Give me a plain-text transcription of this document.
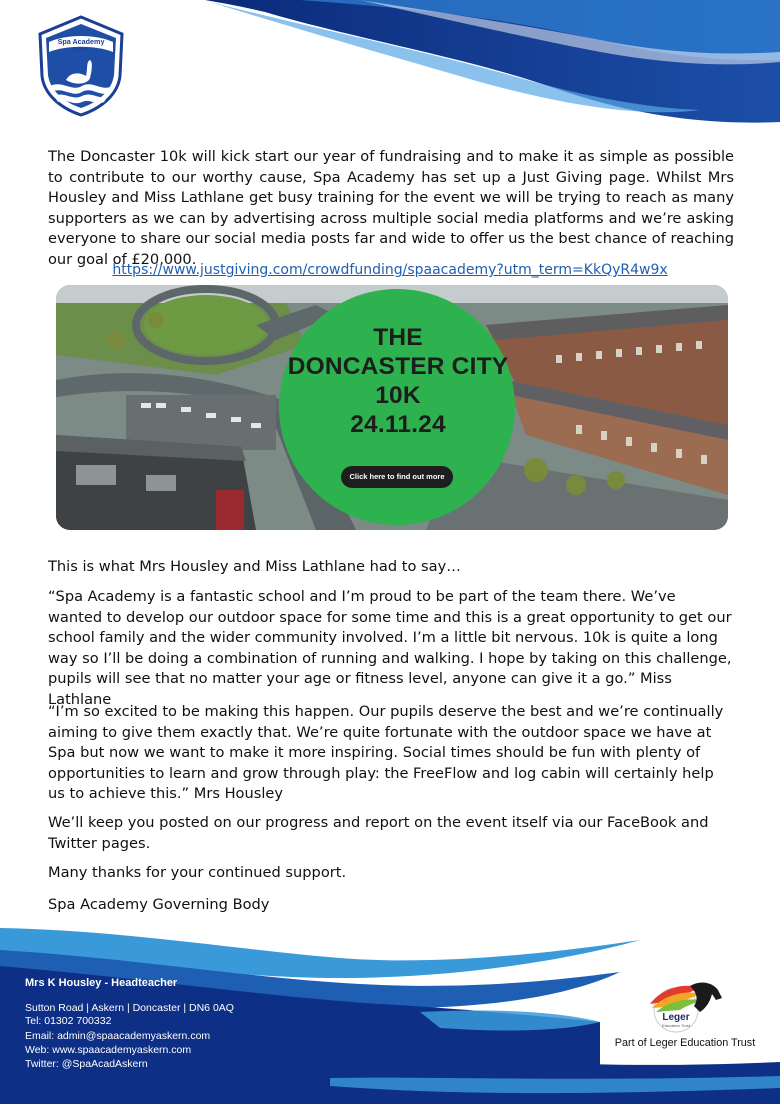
Spa Academy
Askern

The Doncaster 10k will kick start our year of fundraising and to make it as simple as possible to contribute to our worthy cause, Spa Academy has set up a Just Giving page. Whilst Mrs Housley and Miss Lathlane get busy training for the event we will be trying to reach as many supporters as we can by advertising across multiple social media platforms and we’re asking everyone to share our social media posts far and wide to offer us the best chance of reaching our goal of £20,000.

https://www.justgiving.com/crowdfunding/spaacademy?utm_term=KkQyR4w9x
THE
DONCASTER CITY
10K
24.11.24
Click here to find out more

This is what Mrs Housley and Miss Lathlane had to say…

“Spa Academy is a fantastic school and I’m proud to be part of the team there. We’ve wanted to develop our outdoor space for some time and this is a great opportunity to get our school family and the wider community involved. I’m a little bit nervous. 10k is quite a long way so I’ll be doing a combination of running and walking. I hope by taking on this challenge, pupils will see that no matter your age or fitness level, anyone can give it a go.” Miss Lathlane

“I’m so excited to be making this happen. Our pupils deserve the best and we’re continually aiming to give them exactly that. We’re quite fortunate with the outdoor space we have at Spa but now we want to make it more inspiring. Social times should be fun with plenty of opportunities to learn and grow through play: the FreeFlow and log cabin will certainly help us to achieve this.” Mrs Housley

We’ll keep you posted on our progress and report on the event itself via our FaceBook and Twitter pages.

Many thanks for your continued support.

Spa Academy Governing Body

Mrs K Housley - Headteacher
Sutton Road | Askern | Doncaster | DN6 0AQ
Tel: 01302 700332
Email: admin@spaacademyaskern.com
Web: www.spaacademyaskern.com
Twitter: @SpaAcadAskern
Leger
Education Trust
Part of Leger Education Trust
